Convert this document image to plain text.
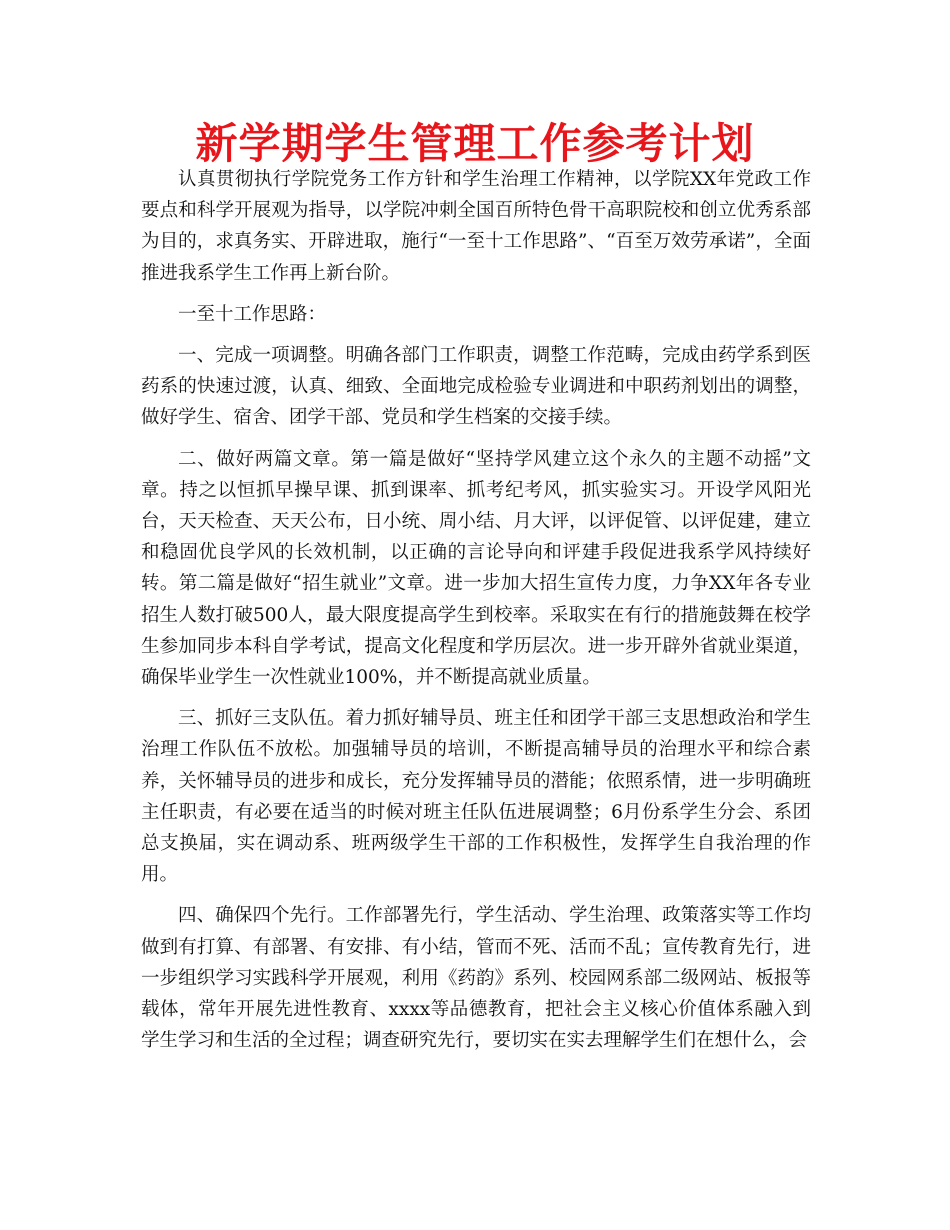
新学期学生管理工作参考计划

认真贯彻执行学院党务工作方针和学生治理工作精神，以学院XX年党政工作要点和科学开展观为指导，以学院冲刺全国百所特色骨干高职院校和创立优秀系部为目的，求真务实、开辟进取，施行“一至十工作思路”、“百至万效劳承诺”，全面推进我系学生工作再上新台阶。

一至十工作思路：

一、完成一项调整。明确各部门工作职责，调整工作范畴，完成由药学系到医药系的快速过渡，认真、细致、全面地完成检验专业调进和中职药剂划出的调整，做好学生、宿舍、团学干部、党员和学生档案的交接手续。

二、做好两篇文章。第一篇是做好“坚持学风建立这个永久的主题不动摇”文章。持之以恒抓早操早课、抓到课率、抓考纪考风，抓实验实习。开设学风阳光台，天天检查、天天公布，日小统、周小结、月大评，以评促管、以评促建，建立和稳固优良学风的长效机制，以正确的言论导向和评建手段促进我系学风持续好转。第二篇是做好“招生就业”文章。进一步加大招生宣传力度，力争XX年各专业招生人数打破500人，最大限度提高学生到校率。采取实在有行的措施鼓舞在校学生参加同步本科自学考试，提高文化程度和学历层次。进一步开辟外省就业渠道，确保毕业学生一次性就业100%，并不断提高就业质量。

三、抓好三支队伍。着力抓好辅导员、班主任和团学干部三支思想政治和学生治理工作队伍不放松。加强辅导员的培训，不断提高辅导员的治理水平和综合素养，关怀辅导员的进步和成长，充分发挥辅导员的潜能；依照系情，进一步明确班主任职责，有必要在适当的时候对班主任队伍进展调整；6月份系学生分会、系团总支换届，实在调动系、班两级学生干部的工作积极性，发挥学生自我治理的作用。

四、确保四个先行。工作部署先行，学生活动、学生治理、政策落实等工作均做到有打算、有部署、有安排、有小结，管而不死、活而不乱；宣传教育先行，进一步组织学习实践科学开展观，利用《药韵》系列、校园网系部二级网站、板报等载体，常年开展先进性教育、xxxx等品德教育，把社会主义核心价值体系融入到学生学习和生活的全过程；调查研究先行，要切实在实去理解学生们在想什么，会
